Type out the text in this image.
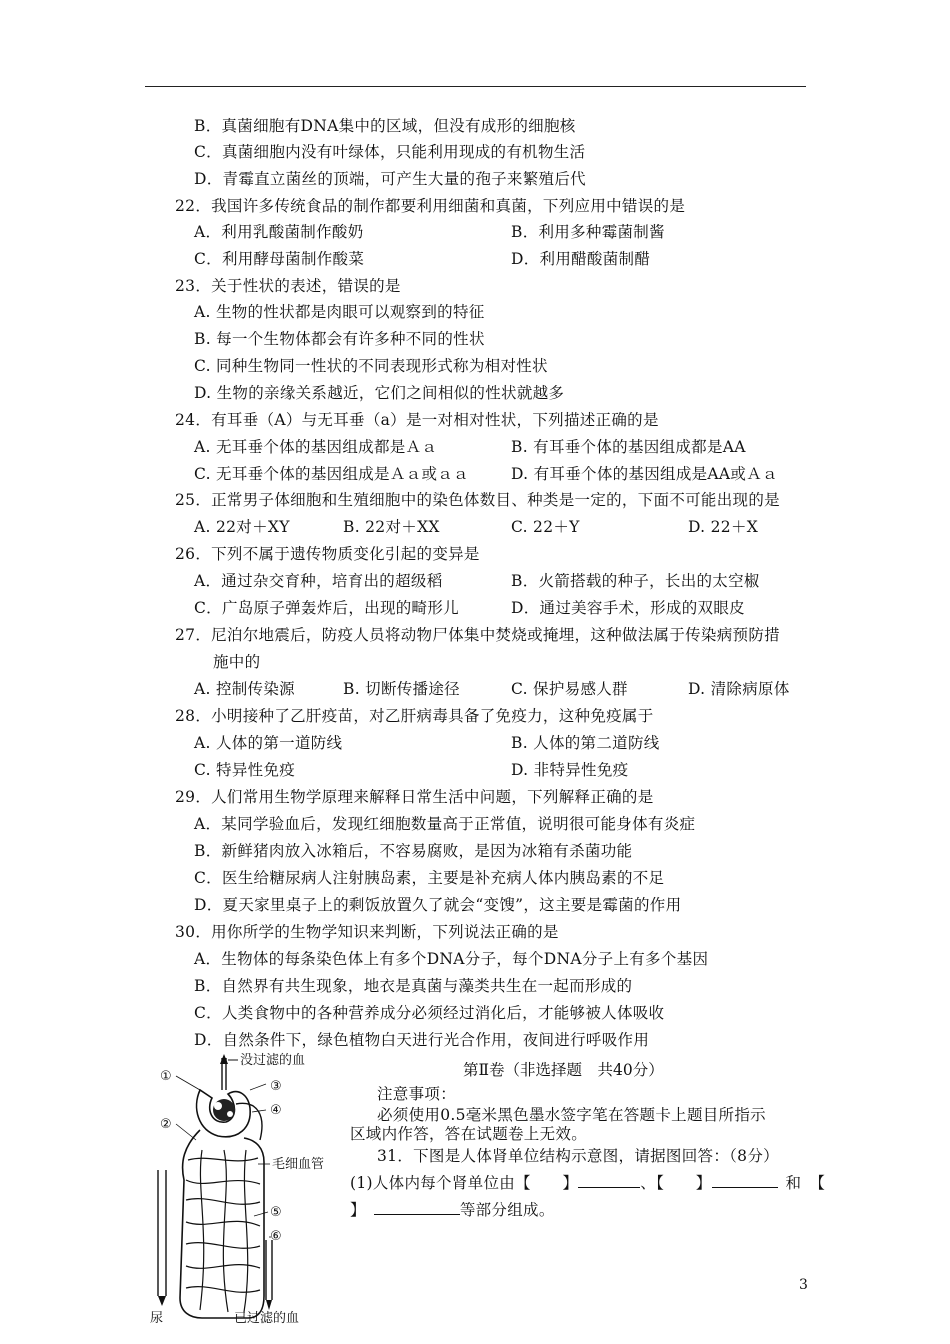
B．真菌细胞有DNA集中的区域，但没有成形的细胞核
C．真菌细胞内没有叶绿体，只能利用现成的有机物生活
D．青霉直立菌丝的顶端，可产生大量的孢子来繁殖后代
22．我国许多传统食品的制作都要利用细菌和真菌，下列应用中错误的是
A．利用乳酸菌制作酸奶	B．利用多种霉菌制酱
C．利用酵母菌制作酸菜	D．利用醋酸菌制醋
23．关于性状的表述，错误的是
A. 生物的性状都是肉眼可以观察到的特征
B. 每一个生物体都会有许多种不同的性状
C. 同种生物同一性状的不同表现形式称为相对性状
D. 生物的亲缘关系越近，它们之间相似的性状就越多
24．有耳垂（A）与无耳垂（a）是一对相对性状，下列描述正确的是
A. 无耳垂个体的基因组成都是Ａａ	B. 有耳垂个体的基因组成都是AA
C. 无耳垂个体的基因组成是Ａａ或ａａ	D. 有耳垂个体的基因组成是AA或Ａａ
25．正常男子体细胞和生殖细胞中的染色体数目、种类是一定的，下面不可能出现的是
A. 22对＋XY	B. 22对＋XX	C. 22＋Y	D. 22＋X
26．下列不属于遗传物质变化引起的变异是
A．通过杂交育种，培育出的超级稻	B．火箭搭载的种子，长出的太空椒
C．广岛原子弹轰炸后，出现的畸形儿	D．通过美容手术，形成的双眼皮
27．尼泊尔地震后，防疫人员将动物尸体集中焚烧或掩埋，这种做法属于传染病预防措
施中的
A. 控制传染源	B. 切断传播途径	C. 保护易感人群	D. 清除病原体
28．小明接种了乙肝疫苗，对乙肝病毒具备了免疫力，这种免疫属于
A. 人体的第一道防线	B. 人体的第二道防线
C. 特异性免疫	D. 非特异性免疫
29．人们常用生物学原理来解释日常生活中问题，下列解释正确的是
A．某同学验血后，发现红细胞数量高于正常值，说明很可能身体有炎症
B．新鲜猪肉放入冰箱后，不容易腐败，是因为冰箱有杀菌功能
C．医生给糖尿病人注射胰岛素，主要是补充病人体内胰岛素的不足
D．夏天家里桌子上的剩饭放置久了就会“变馊”，这主要是霉菌的作用
30．用你所学的生物学知识来判断，下列说法正确的是
A．生物体的每条染色体上有多个DNA分子，每个DNA分子上有多个基因
B．自然界有共生现象，地衣是真菌与藻类共生在一起而形成的
C．人类食物中的各种营养成分必须经过消化后，才能够被人体吸收
D．自然条件下，绿色植物白天进行光合作用，夜间进行呼吸作用
第Ⅱ卷（非选择题　共40分）
注意事项：
必须使用0.5毫米黑色墨水签字笔在答题卡上题目所指示
区域内作答，答在试题卷上无效。
31．下图是人体肾单位结构示意图，请据图回答：（8分）
(1)人体内每个肾单位由【　　】	、【　　】	和　【
】	等部分组成。
没过滤的血
①
②
③
④
毛细血管
⑤
⑥
尿	已过滤的血
3
